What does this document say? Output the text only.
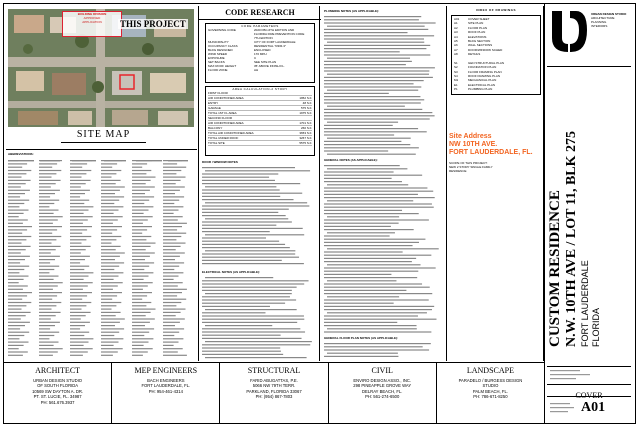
BUILDING DIVISION
APPROVED
APPLICATION	THIS PROJECT
SITE MAP
ABBREVIATIONS:
CODE RESEARCH
CODE PARAMETERS
GOVERNING CODE	2020 FBC-6TH EDITION AND
FLORIDA FIRE PREVENTION CODE
7TH EDITION
MUNICIPALITY	CITY OF FORT LAUDERDALE
OCCUPANCY CLASS	RESIDENTIAL "R3/R-3"
BLDG DESIGNED	ENCLOSED
WIND SPEED	170 MPH
EXPOSURE	C
SET BACKS	SEE SITE PLAN
MAX ROOF HEIGHT	35' ABOVE FINISH FL.
FLOOD ZONE	AH
AREA CALCULATION-2 STORY
FIRST FLOOR
AIR CONDITIONED AREA	1952 S.F.
ENTRY	48 S.F.
GARAGE	575 S.F.
TOTAL 1ST FL AREA	1975 S.F.
SECOND FLOOR
AIR CONDITIONED AREA	1701 S.F.
BALCONY	260 S.F.
TOTAL AIR CONDITIONED AREA	3653 S.F.
TOTAL UNDER ROOF	3267 S.F.
TOTAL SITE	5575 S.F.
DOOR / WINDOW NOTES
ELECTRICAL NOTES (AS APPLICABLE):
PLUMBING NOTES (AS APPLICABLE):
GENERAL NOTES (AS APPLICABLE):
GENERAL FLOOR PLAN NOTES (AS APPLICABLE):
INDEX OF DRAWINGS
A01	COVER SHEET
A1	SITE PLAN
A2	FLOOR PLAN
A3	ROOF PLAN
A4	ELEVATIONS
A5	BLDG SECTION
A6	WALL SECTIONS
A7	DOOR/WINDOW SCHED
A8	DETAILS
S1	GEN STRUCTURAL PLAN
S2	FOUNDATION PLAN
S3	FLOOR FRAMING PLAN
S4	ROOF FRAMING PLAN
M1	MECHANICAL PLAN
E1	ELECTRICAL PLAN
P1	PLUMBING PLAN
Site Address
NW 10TH AVE.
FORT LAUDERDALE, FL.
SCOPE OF THIS PROJECT:
NEW 2 STORY SINGLE FAMILY
RESIDENCE
URBAN DESIGN STUDIO
ARCHITECTURE
PLANNING
INTERIORS
CUSTOM RESIDENCE N.W. 10TH AVE / LOT 11, BLK 275 FORT LAUDERDALE FLORIDA
COVER
A01
ARCHITECT
URBAN DESIGN STUDIO
OF SOUTH FLORIDA
10569 SW DAYTON A. DR.
PT. ST. LUCIE, FL. 34987
PH: 561.676.3937
MEP ENGINEERS
BACH ENGINEERS
FORT LAUDERDALE, FL.
PH: 954-461-4314
STRUCTURAL
FARID ABUGATTAS, P.E.
5066 NW 79TH TERR.
PARKLAND, FLORIDA 33067
PH: (954) 867-7803
CIVIL
ENVIRO DESIGN ASSO., INC.
298 PINEAPPLE GROVE WAY
DELRAY BEACH, FL.
PH: 561-274-6500
LANDSCAPE
PARADELO / BURGESS DESIGN
STUDIO
PALM BEACH, FL.
PH: 786-671-8250
